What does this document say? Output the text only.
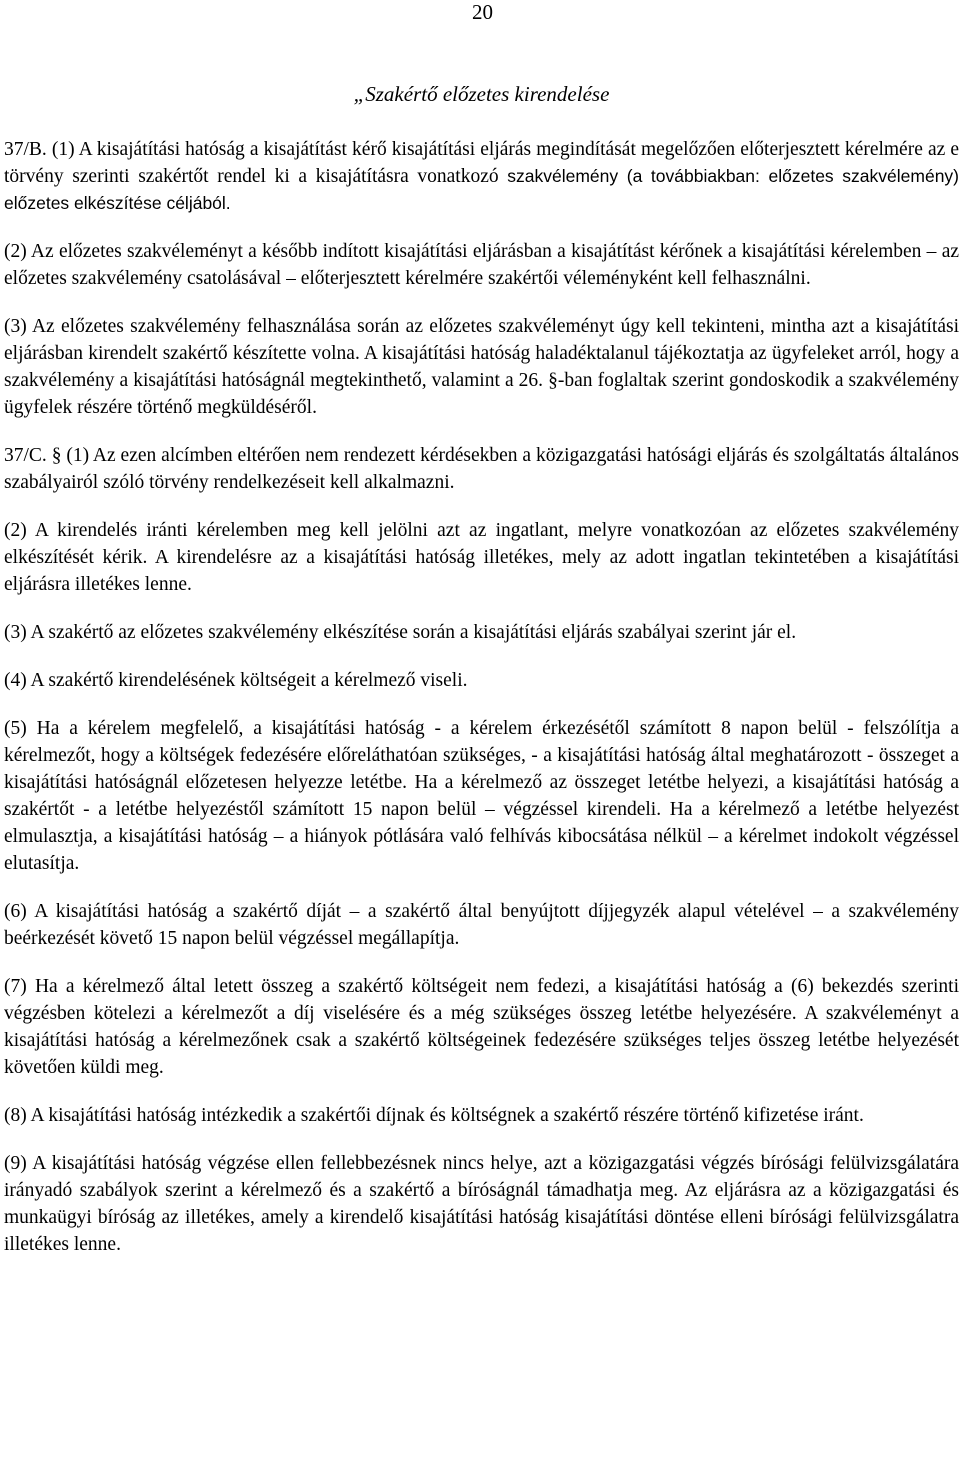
20
„Szakértő előzetes kirendelése

37/B. (1) A kisajátítási hatóság a kisajátítást kérő kisajátítási eljárás megindítását megelőzően előterjesztett kérelmére az e törvény szerinti szakértőt rendel ki a kisajátításra vonatkozó szakvélemény (a továbbiakban: előzetes szakvélemény) előzetes elkészítése céljából.

(2) Az előzetes szakvéleményt a később indított kisajátítási eljárásban a kisajátítást kérőnek a kisajátítási kérelemben – az előzetes szakvélemény csatolásával – előterjesztett kérelmére szakértői véleményként kell felhasználni.

(3) Az előzetes szakvélemény felhasználása során az előzetes szakvéleményt úgy kell tekinteni, mintha azt a kisajátítási eljárásban kirendelt szakértő készítette volna. A kisajátítási hatóság haladéktalanul tájékoztatja az ügyfeleket arról, hogy a szakvélemény a kisajátítási hatóságnál megtekinthető, valamint a 26. §-ban foglaltak szerint gondoskodik a szakvélemény ügyfelek részére történő megküldéséről.

37/C. § (1) Az ezen alcímben eltérően nem rendezett kérdésekben a közigazgatási hatósági eljárás és szolgáltatás általános szabályairól szóló törvény rendelkezéseit kell alkalmazni.

(2) A kirendelés iránti kérelemben meg kell jelölni azt az ingatlant, melyre vonatkozóan az előzetes szakvélemény elkészítését kérik. A kirendelésre az a kisajátítási hatóság illetékes, mely az adott ingatlan tekintetében a kisajátítási eljárásra illetékes lenne.

(3) A szakértő az előzetes szakvélemény elkészítése során a kisajátítási eljárás szabályai szerint jár el.

(4) A szakértő kirendelésének költségeit a kérelmező viseli.

(5) Ha a kérelem megfelelő, a kisajátítási hatóság - a kérelem érkezésétől számított 8 napon belül - felszólítja a kérelmezőt, hogy a költségek fedezésére előreláthatóan szükséges, - a kisajátítási hatóság által meghatározott - összeget a kisajátítási hatóságnál előzetesen helyezze letétbe. Ha a kérelmező az összeget letétbe helyezi, a kisajátítási hatóság a szakértőt - a letétbe helyezéstől számított 15 napon belül – végzéssel kirendeli. Ha a kérelmező a letétbe helyezést elmulasztja, a kisajátítási hatóság – a hiányok pótlására való felhívás kibocsátása nélkül – a kérelmet indokolt végzéssel elutasítja.

(6) A kisajátítási hatóság a szakértő díját – a szakértő által benyújtott díjjegyzék alapul vételével – a szakvélemény beérkezését követő 15 napon belül végzéssel megállapítja.

(7) Ha a kérelmező által letett összeg a szakértő költségeit nem fedezi, a kisajátítási hatóság a (6) bekezdés szerinti végzésben kötelezi a kérelmezőt a díj viselésére és a még szükséges összeg letétbe helyezésére. A szakvéleményt a kisajátítási hatóság a kérelmezőnek csak a szakértő költségeinek fedezésére szükséges teljes összeg letétbe helyezését követően küldi meg.

(8) A kisajátítási hatóság intézkedik a szakértői díjnak és költségnek a szakértő részére történő kifizetése iránt.

(9) A kisajátítási hatóság végzése ellen fellebbezésnek nincs helye, azt a közigazgatási végzés bírósági felülvizsgálatára irányadó szabályok szerint a kérelmező és a szakértő a bíróságnál támadhatja meg. Az eljárásra az a közigazgatási és munkaügyi bíróság az illetékes, amely a kirendelő kisajátítási hatóság kisajátítási döntése elleni bírósági felülvizsgálatra illetékes lenne.
